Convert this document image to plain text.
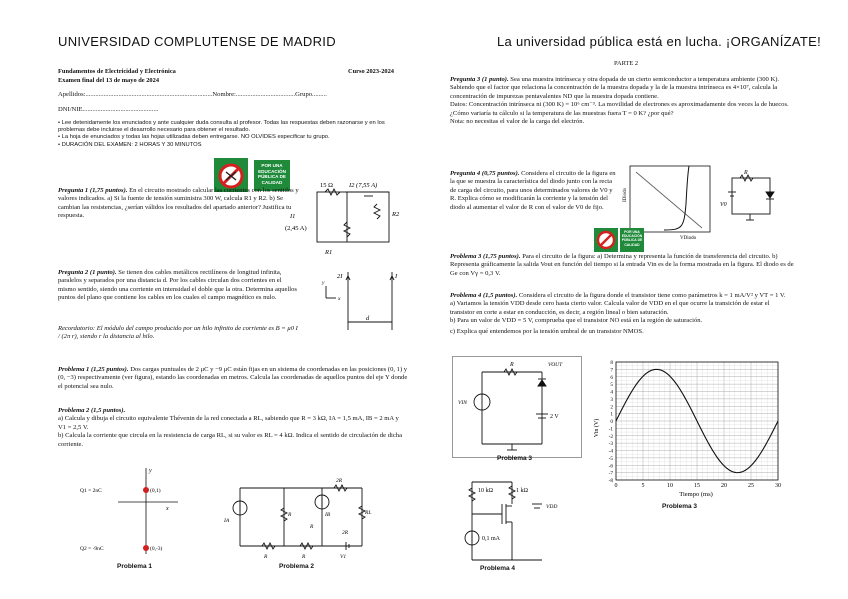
UNIVERSIDAD COMPLUTENSE DE MADRID	La universidad pública está en lucha. ¡ORGANÍZATE!
Fundamentos de Electricidad y Electrónica	Curso 2023-2024
Examen final del 13 de mayo de 2024
Apellidos:.............................................................................Nombre:....................................Grupo.........
DNI/NIE..............................................
• Lee detenidamente los enunciados y ante cualquier duda consulta al profesor. Todas las respuestas deben razonarse y en los problemas debe incluirse el desarrollo necesario para obtener el resultado.
• La hoja de enunciados y todas las hojas utilizadas deben entregarse. NO OLVIDES especificar tu grupo.
• DURACIÓN DEL EXAMEN: 2 HORAS Y 30 MINUTOS
POR UNA EDUCACIÓN PÚBLICA DE CALIDAD
Pregunta 1 (1,75 puntos). En el circuito mostrado calcular las corrientes con los sentidos y valores indicados. a) Si la fuente de tensión suministra 300 W, calcula R1 y R2. b) Se cambian las resistencias, ¿serían válidos los resultados del apartado anterior? Justifica tu respuesta.
15 Ω I2 (7,55 A)
R2
I1
(2,45 A)
R1
Pregunta 2 (1 punto). Se tienen dos cables metálicos rectilíneos de longitud infinita, paralelos y separados por una distancia d. Por los cables circulan dos corrientes en el mismo sentido, siendo una corriente en intensidad el doble que la otra. Determina aquellos puntos del plano que contiene los cables en los cuales el campo magnético es nulo.
Recordatorio: El módulo del campo producido por un hilo infinito de corriente es B = μ0 I / (2π r), siendo r la distancia al hilo.
2I	I
d
y
x
Problema 1 (1,25 puntos). Dos cargas puntuales de 2 μC y −9 μC están fijas en un sistema de coordenadas en las posiciones (0, 1) y (0, −3) respectivamente (ver figura), estando las coordenadas en metros. Calcula las coordenadas de aquellos puntos del eje Y donde el potencial sea nulo.
Problema 2 (1,5 puntos).
a) Calcula y dibuja el circuito equivalente Thévenin de la red conectada a RL, sabiendo que R = 3 kΩ, IA = 1,5 mA, IB = 2 mA y V1 = 2,5 V.
b) Calcula la corriente que circula en la resistencia de carga RL, si su valor es RL = 4 kΩ. Indica el sentido de circulación de dicha corriente.
y
x
Q1 = 2nC	(0,1)
Q2 = -9nC	(0,-3)
Problema 1
IA
R	IB
R
2R
RL
R	R	V1
2R
Problema 2
PARTE 2
Pregunta 3 (1 punto). Sea una muestra intrínseca y otra dopada de un cierto semiconductor a temperatura ambiente (300 K). Sabiendo que el factor que relaciona la concentración de la muestra dopada y la de la muestra intrínseca es 4×10⁷, calcula la concentración de impurezas pentavalentes ND que la muestra dopada contiene.
Datos: Concentración intrínseca ni (300 K) = 10⁶ cm⁻³. La movilidad de electrones es aproximadamente dos veces la de huecos.
¿Cómo variaría tu cálculo si la temperatura de las muestras fuera T = 0 K? ¿por qué?
Nota: no necesitas el valor de la carga del electrón.
Pregunta 4 (0,75 puntos). Considera el circuito de la figura en la que se muestra la característica del diodo junto con la recta de carga del circuito, para unos determinados valores de V0 y R. Explica cómo se modificarán la corriente y la tensión del diodo al aumentar el valor de R con el valor de V0 de fijo.
IDiodo
VDiodo
R
V0
POR UNA EDUCACIÓN PÚBLICA DE CALIDAD
Problema 3 (1,75 puntos). Para el circuito de la figura: a) Determina y representa la función de transferencia del circuito. b) Representa gráficamente la salida Vout en función del tiempo si la entrada Vin es de la forma mostrada en la figura. El diodo es de Ge con Vγ = 0,3 V.
Problema 4 (1,5 puntos). Considera el circuito de la figura donde el transistor tiene como parámetros k = 1 mA/V² y VT = 1 V.
a) Variamos la tensión VDD desde cero hasta cierto valor. Calcula valor de VDD en el que ocurre la transición de estar el transistor en corte a estar en conducción, es decir, a región lineal o bien saturación.
b) Para un valor de VDD = 5 V, comprueba que el transistor NO está en la región de saturación.
c) Explica qué entendemos por la tensión umbral de un transistor NMOS.
R	VOUT
VIN
2 V
Problema 3
10 kΩ	1 kΩ
VDD
0,1 mA
Problema 4
0	5	10	15	20	25	30
-8
-7
-6
-5
-4
-3
-2
-1
0
1
2
3
4
5
6
7
8
Vin (V)
Tiempo (ms)
Problema 3
